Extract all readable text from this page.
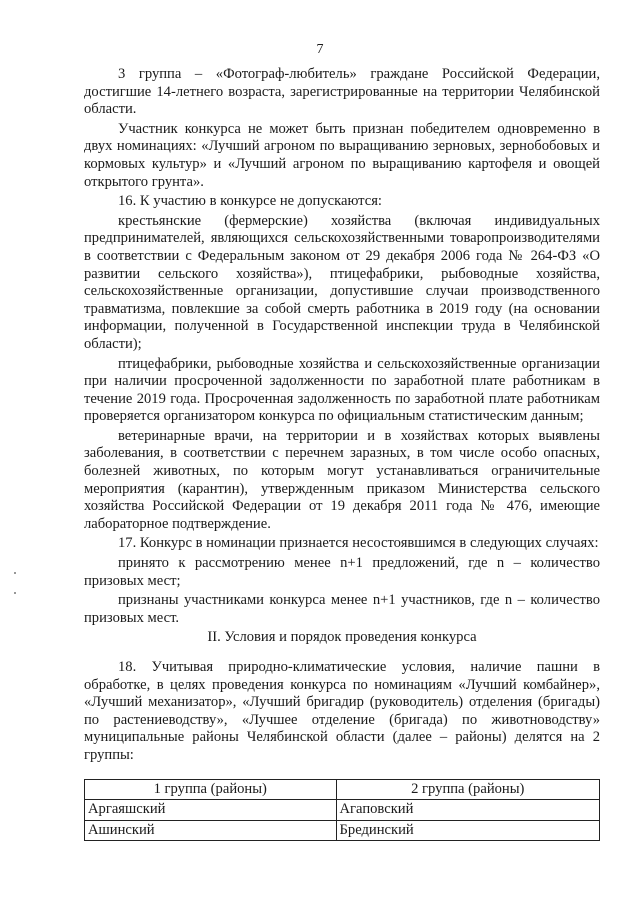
7

3 группа – «Фотограф-любитель» граждане Российской Федерации, достигшие 14-летнего возраста, зарегистрированные на территории Челябинской области.

Участник конкурса не может быть признан победителем одновременно в двух номинациях: «Лучший агроном по выращиванию зерновых, зернобобовых и кормовых культур» и «Лучший агроном по выращиванию картофеля и овощей открытого грунта».

16. К участию в конкурсе не допускаются:

крестьянские (фермерские) хозяйства (включая индивидуальных предпринимателей, являющихся сельскохозяйственными товаропроизводителями в соответствии с Федеральным законом от 29 декабря 2006 года № 264-ФЗ «О развитии сельского хозяйства»), птицефабрики, рыбоводные хозяйства, сельскохозяйственные организации, допустившие случаи производственного травматизма, повлекшие за собой смерть работника в 2019 году (на основании информации, полученной в Государственной инспекции труда в Челябинской области);

птицефабрики, рыбоводные хозяйства и сельскохозяйственные организации при наличии просроченной задолженности по заработной плате работникам в течение 2019 года. Просроченная задолженность по заработной плате работникам проверяется организатором конкурса по официальным статистическим данным;

ветеринарные врачи, на территории и в хозяйствах которых выявлены заболевания, в соответствии с перечнем заразных, в том числе особо опасных, болезней животных, по которым могут устанавливаться ограничительные мероприятия (карантин), утвержденным приказом Министерства сельского хозяйства Российской Федерации от 19 декабря 2011 года № 476, имеющие лабораторное подтверждение.

17. Конкурс в номинации признается несостоявшимся в следующих случаях:

принято к рассмотрению менее n+1 предложений, где n – количество призовых мест;

признаны участниками конкурса менее n+1 участников, где n – количество призовых мест.

II. Условия и порядок проведения конкурса

18. Учитывая природно-климатические условия, наличие пашни в обработке, в целях проведения конкурса по номинациям «Лучший комбайнер», «Лучший механизатор», «Лучший бригадир (руководитель) отделения (бригады) по растениеводству», «Лучшее отделение (бригада) по животноводству» муниципальные районы Челябинской области (далее – районы) делятся на 2 группы:

1 группа (районы)	2 группа (районы)
Аргаяшский	Агаповский
Ашинский	Брединский
